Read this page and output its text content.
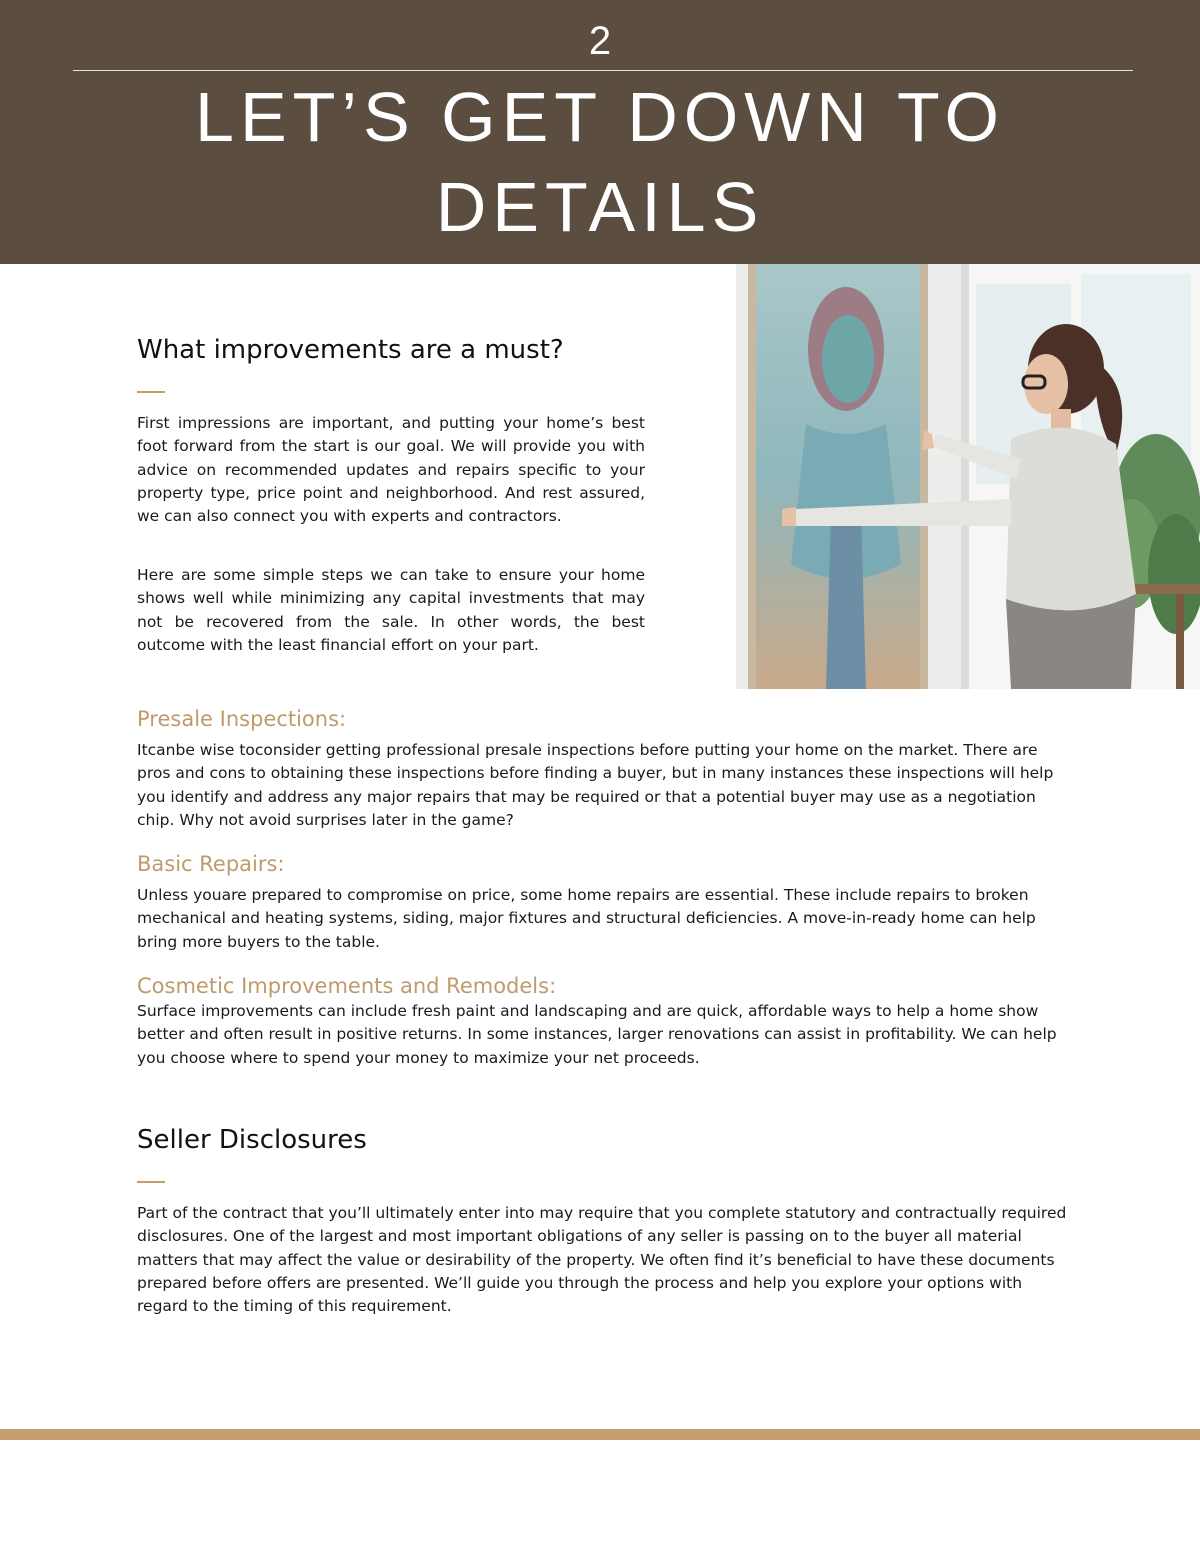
2
LET’S GET DOWN TO DETAILS
What improvements are a must?

First impressions are important, and putting your home’s best foot forward from the start is our goal. We will provide you with advice on recommended updates and repairs specific to your property type, price point and neighborhood. And rest assured, we can also connect you with experts and contractors.

Here are some simple steps we can take to ensure your home shows well while minimizing any capital investments that may not be recovered from the sale. In other words, the best outcome with the least financial effort on your part.

Presale Inspections:

Itcanbe wise toconsider getting professional presale inspections before putting your home on the market. There are pros and cons to obtaining these inspections before finding a buyer, but in many instances these inspections will help you identify and address any major repairs that may be required or that a potential buyer may use as a negotiation chip. Why not avoid surprises later in the game?

Basic Repairs:

Unless youare prepared to compromise on price, some home repairs are essential. These include repairs to broken mechanical and heating systems, siding, major fixtures and structural deficiencies. A move-in-ready home can help bring more buyers to the table.

Cosmetic Improvements and Remodels:

Surface improvements can include fresh paint and landscaping and are quick, affordable ways to help a home show better and often result in positive returns. In some instances, larger renovations can assist in profitability. We can help you choose where to spend your money to maximize your net proceeds.

Seller Disclosures

Part of the contract that you’ll ultimately enter into may require that you complete statutory and contractually required disclosures. One of the largest and most important obligations of any seller is passing on to the buyer all material matters that may affect the value or desirability of the property. We often find it’s beneficial to have these documents prepared before offers are presented. We’ll guide you through the process and help you explore your options with regard to the timing of this requirement.
